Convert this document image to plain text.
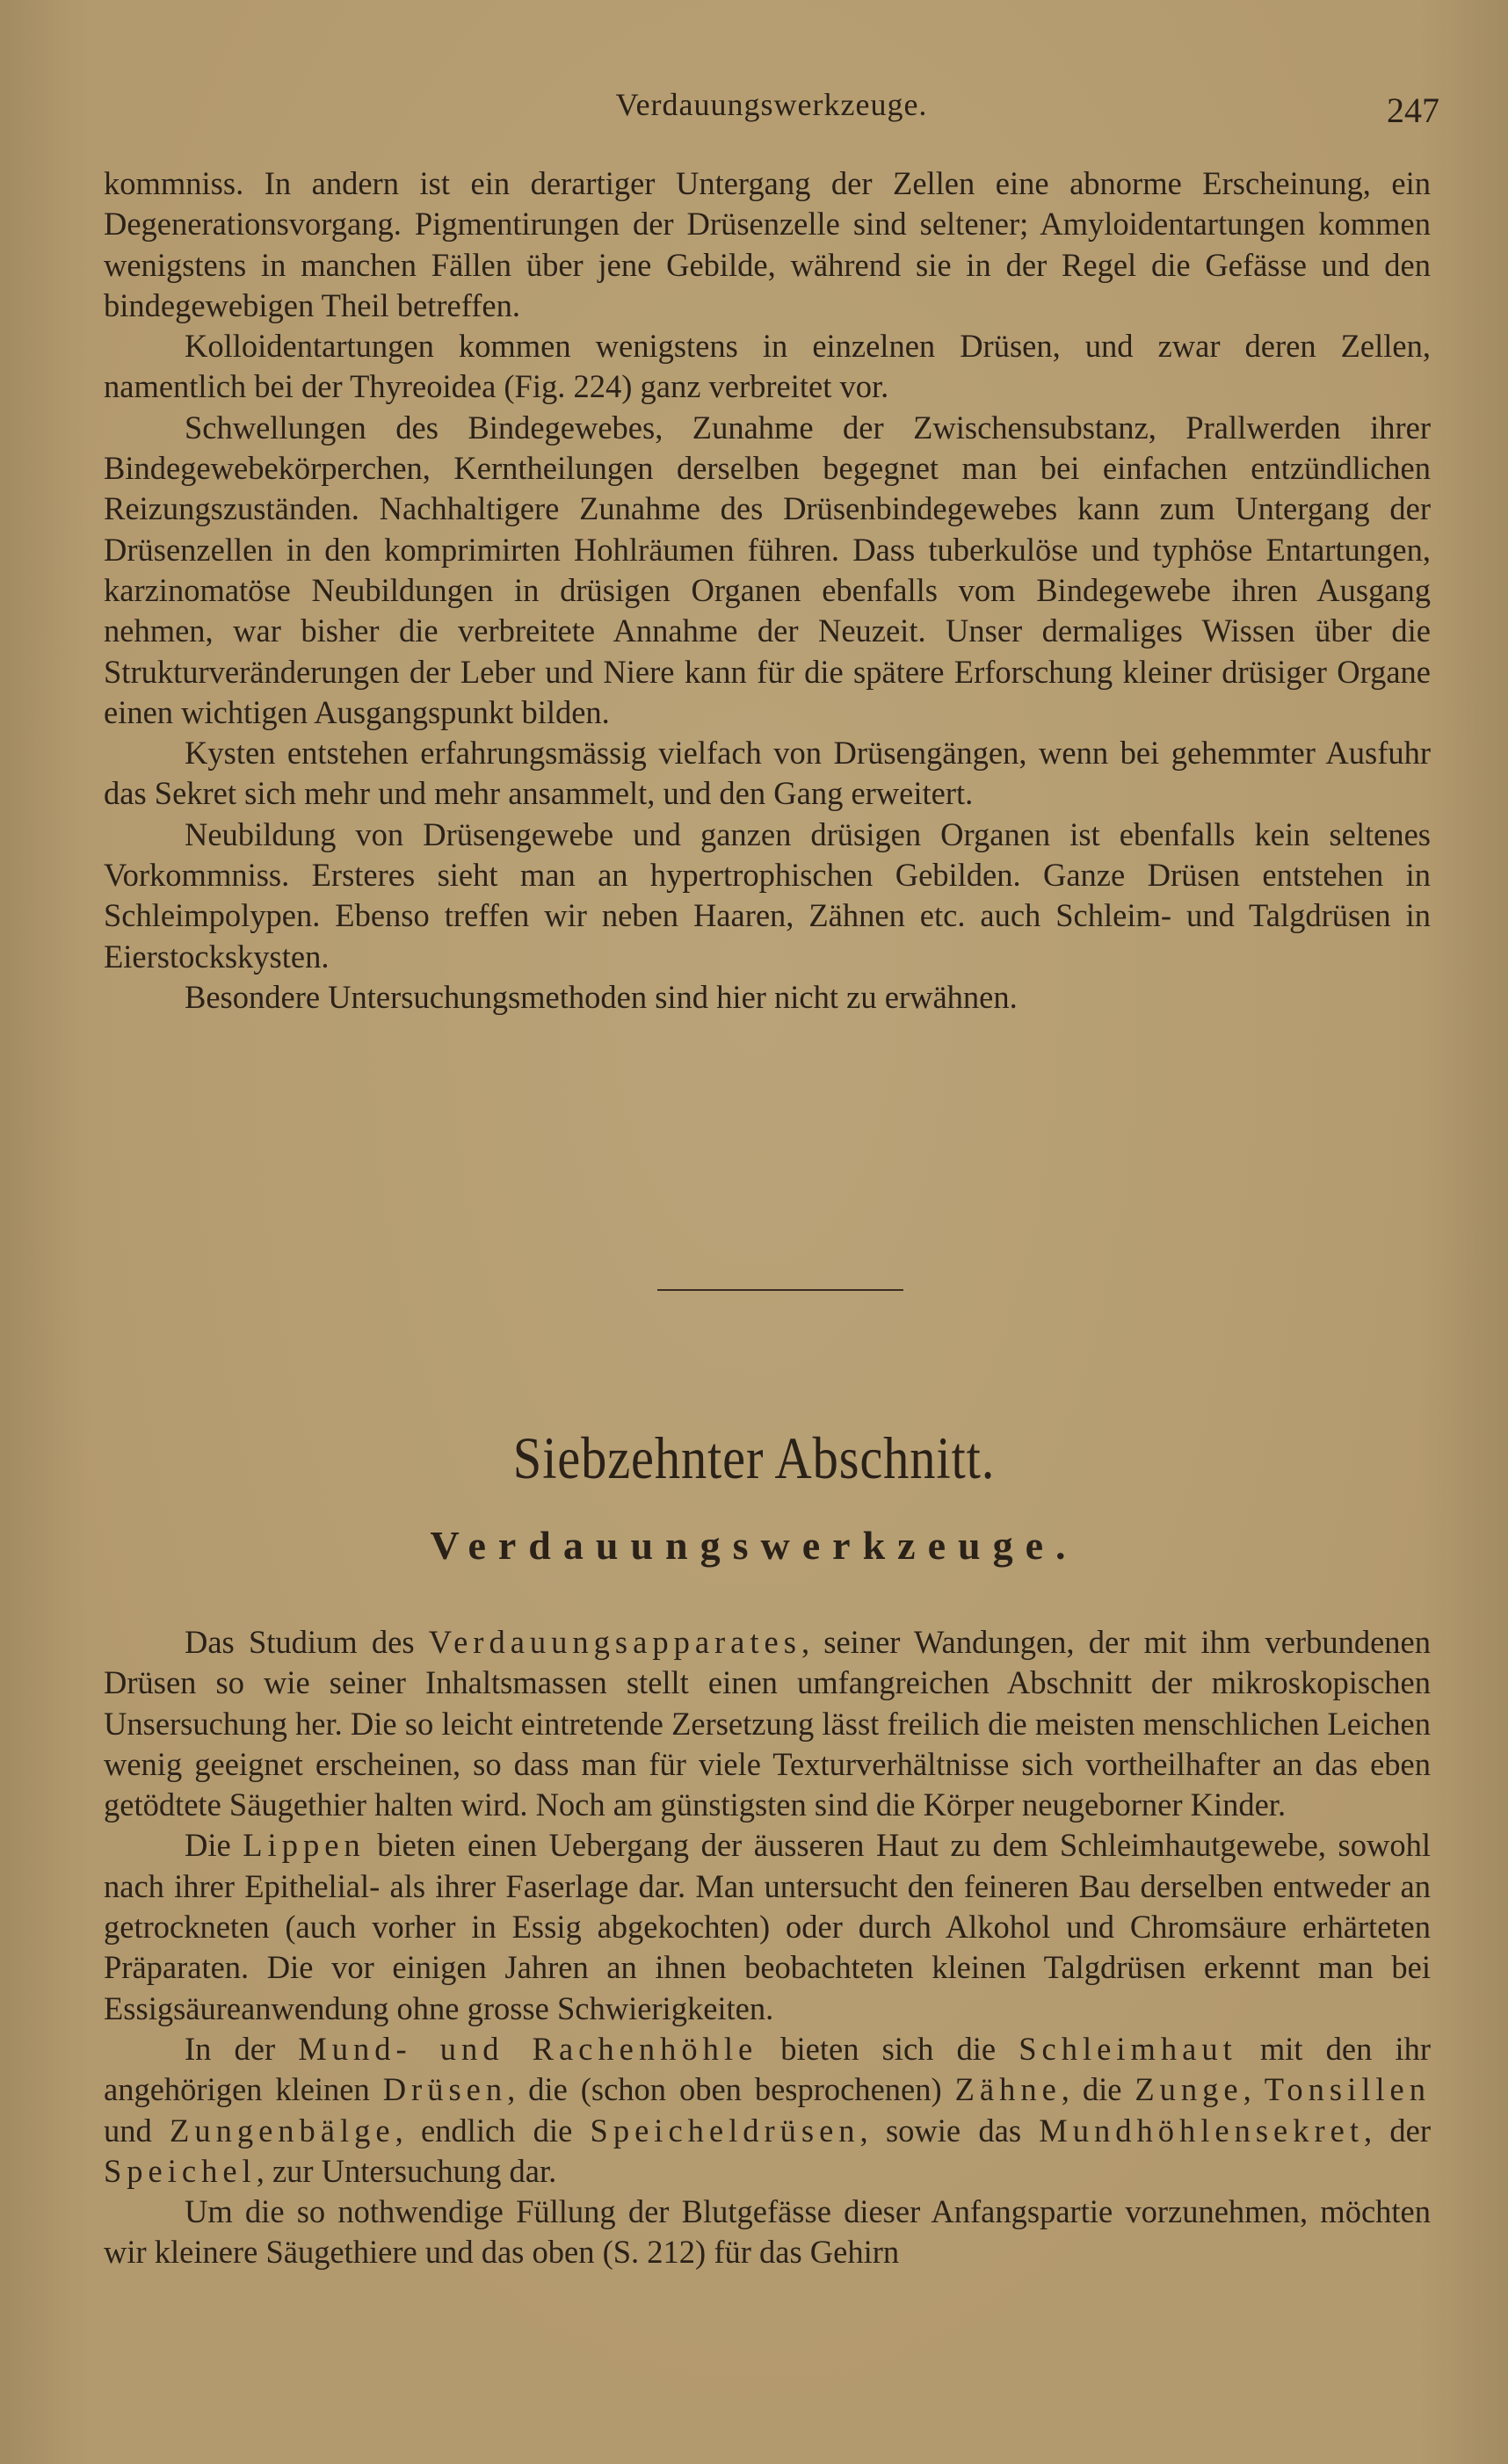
Verdauungswerkzeuge.	247

kommniss. In andern ist ein derartiger Untergang der Zellen eine abnorme Erscheinung, ein Degenerationsvorgang. Pigmentirungen der Drüsenzelle sind seltener; Amyloidentartungen kommen wenigstens in manchen Fällen über jene Gebilde, während sie in der Regel die Gefässe und den bindegewebigen Theil betreffen.

Kolloidentartungen kommen wenigstens in einzelnen Drüsen, und zwar deren Zellen, namentlich bei der Thyreoidea (Fig. 224) ganz verbreitet vor.

Schwellungen des Bindegewebes, Zunahme der Zwischensubstanz, Prallwerden ihrer Bindegewebekörperchen, Kerntheilungen derselben begegnet man bei einfachen entzündlichen Reizungszuständen. Nachhaltigere Zunahme des Drüsenbindegewebes kann zum Untergang der Drüsenzellen in den komprimirten Hohlräumen führen. Dass tuberkulöse und typhöse Entartungen, karzinomatöse Neubildungen in drüsigen Organen ebenfalls vom Bindegewebe ihren Ausgang nehmen, war bisher die verbreitete Annahme der Neuzeit. Unser dermaliges Wissen über die Strukturveränderungen der Leber und Niere kann für die spätere Erforschung kleiner drüsiger Organe einen wichtigen Ausgangspunkt bilden.

Kysten entstehen erfahrungsmässig vielfach von Drüsengängen, wenn bei gehemmter Ausfuhr das Sekret sich mehr und mehr ansammelt, und den Gang erweitert.

Neubildung von Drüsengewebe und ganzen drüsigen Organen ist ebenfalls kein seltenes Vorkommniss. Ersteres sieht man an hypertrophischen Gebilden. Ganze Drüsen entstehen in Schleimpolypen. Ebenso treffen wir neben Haaren, Zähnen etc. auch Schleim- und Talgdrüsen in Eierstockskysten.

Besondere Untersuchungsmethoden sind hier nicht zu erwähnen.

Siebzehnter Abschnitt.
Verdauungswerkzeuge.

Das Studium des Verdauungsapparates, seiner Wandungen, der mit ihm verbundenen Drüsen so wie seiner Inhaltsmassen stellt einen umfangreichen Abschnitt der mikroskopischen Unsersuchung her. Die so leicht eintretende Zersetzung lässt freilich die meisten menschlichen Leichen wenig geeignet erscheinen, so dass man für viele Texturverhältnisse sich vortheilhafter an das eben getödtete Säugethier halten wird. Noch am günstigsten sind die Körper neugeborner Kinder.

Die Lippen bieten einen Uebergang der äusseren Haut zu dem Schleimhautgewebe, sowohl nach ihrer Epithelial- als ihrer Faserlage dar. Man untersucht den feineren Bau derselben entweder an getrockneten (auch vorher in Essig abgekochten) oder durch Alkohol und Chromsäure erhärteten Präparaten. Die vor einigen Jahren an ihnen beobachteten kleinen Talgdrüsen erkennt man bei Essigsäureanwendung ohne grosse Schwierigkeiten.

In der Mund- und Rachenhöhle bieten sich die Schleimhaut mit den ihr angehörigen kleinen Drüsen, die (schon oben besprochenen) Zähne, die Zunge, Tonsillen und Zungenbälge, endlich die Speicheldrüsen, sowie das Mundhöhlensekret, der Speichel, zur Untersuchung dar.

Um die so nothwendige Füllung der Blutgefässe dieser Anfangspartie vorzunehmen, möchten wir kleinere Säugethiere und das oben (S. 212) für das Gehirn
